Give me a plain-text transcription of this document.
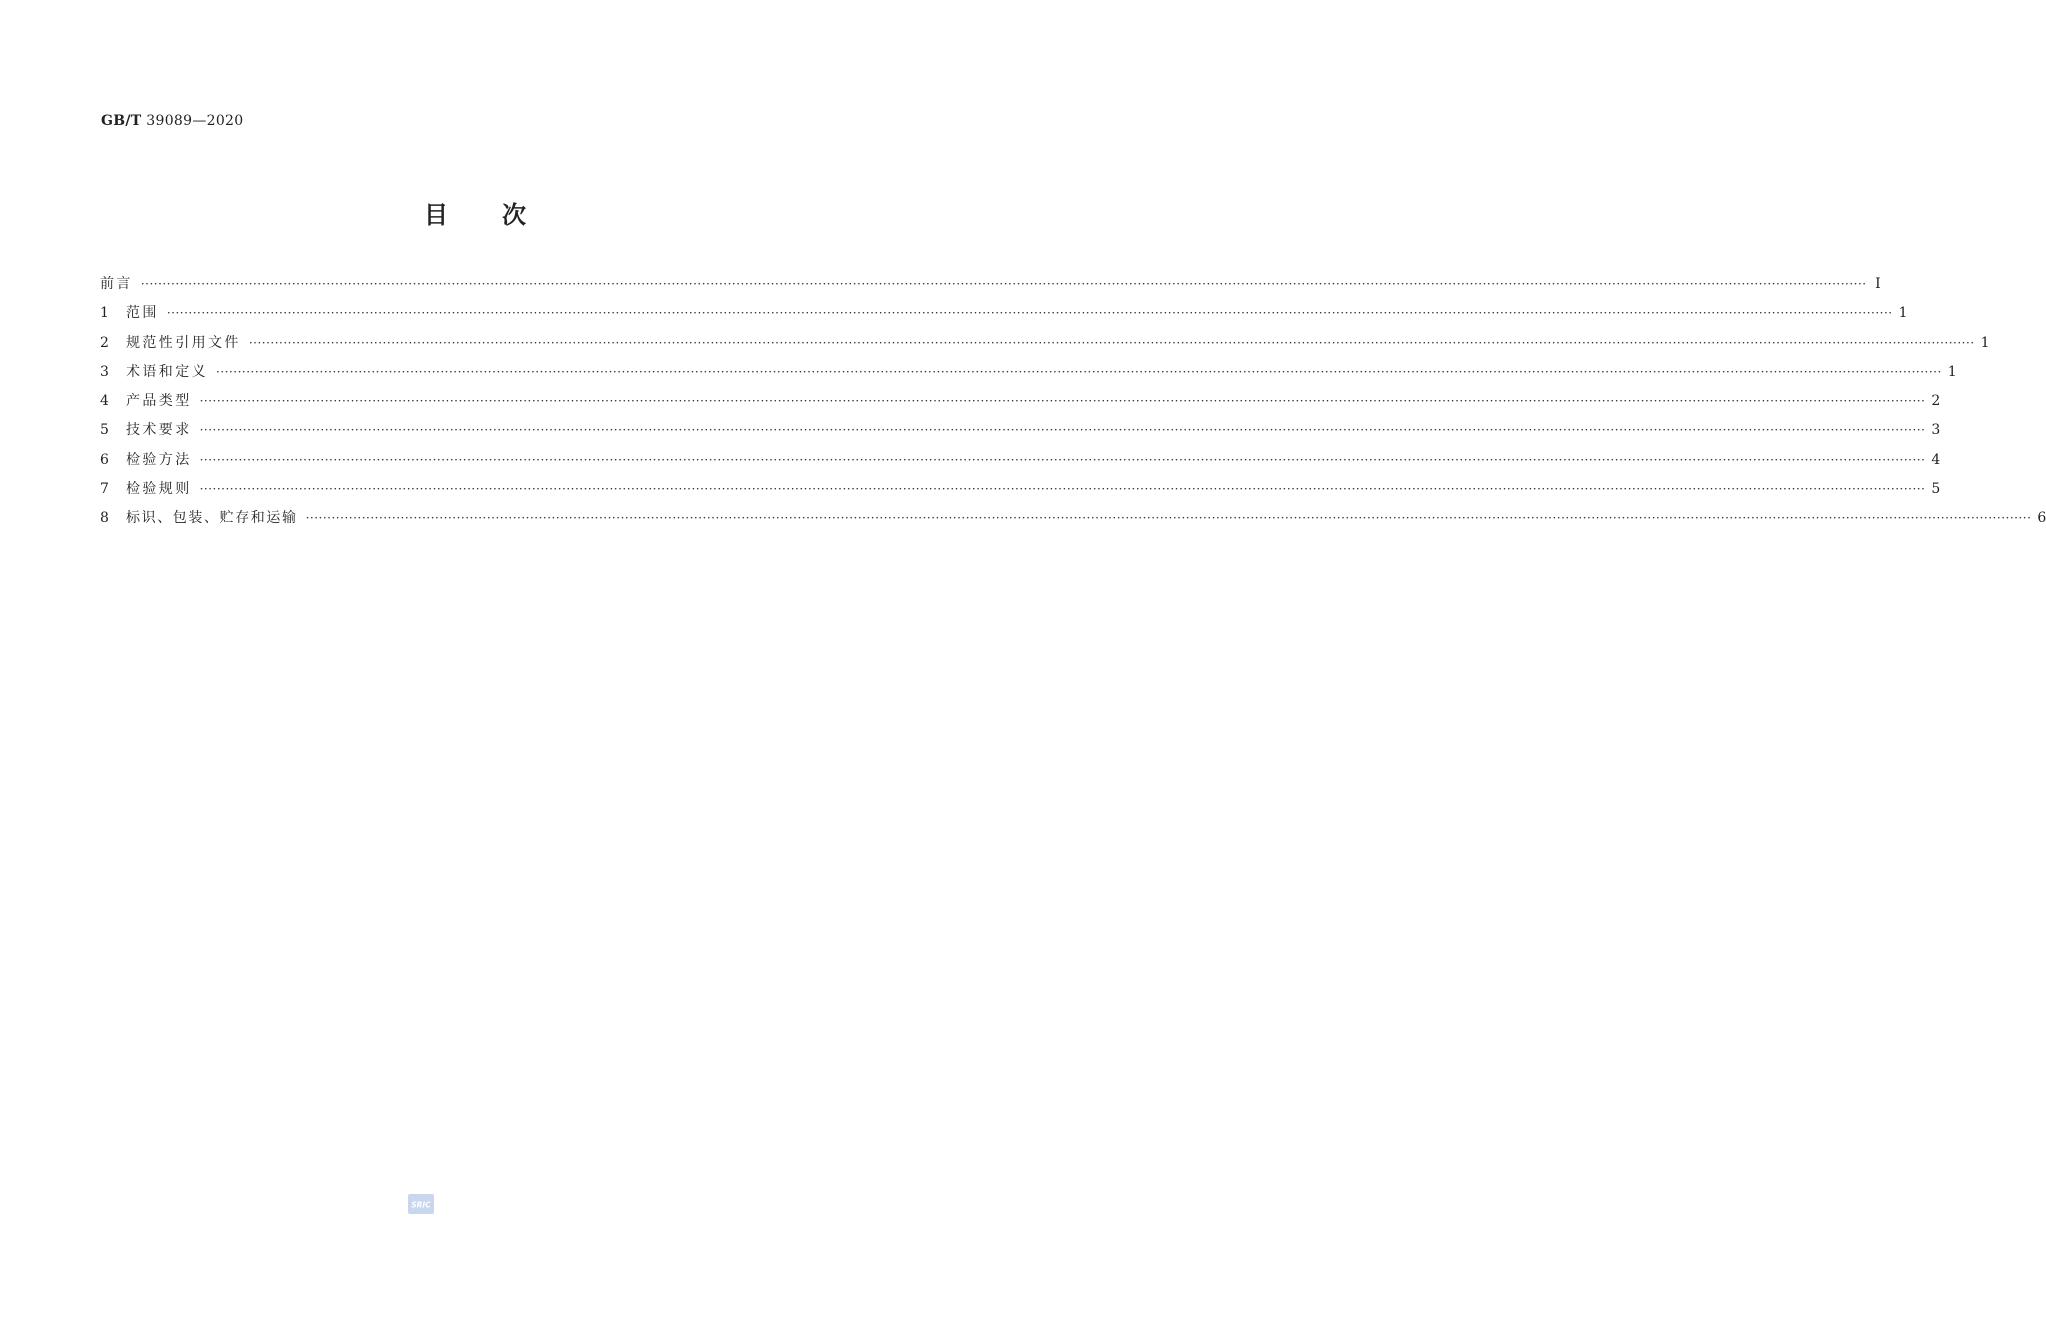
GB/T 39089—2020
目 次
前言 ················································································································································································································································································································································································································ Ⅰ
1	范围 ················································································································································································································································································································································································································ 1
2	规范性引用文件 ················································································································································································································································································································································································································ 1
3	术语和定义 ················································································································································································································································································································································································································ 1
4	产品类型 ················································································································································································································································································································································································································ 2
5	技术要求 ················································································································································································································································································································································································································ 3
6	检验方法 ················································································································································································································································································································································································································ 4
7	检验规则 ················································································································································································································································································································································································································ 5
8	标识、包装、贮存和运输 ················································································································································································································································································································································································································ 6
SRIC
